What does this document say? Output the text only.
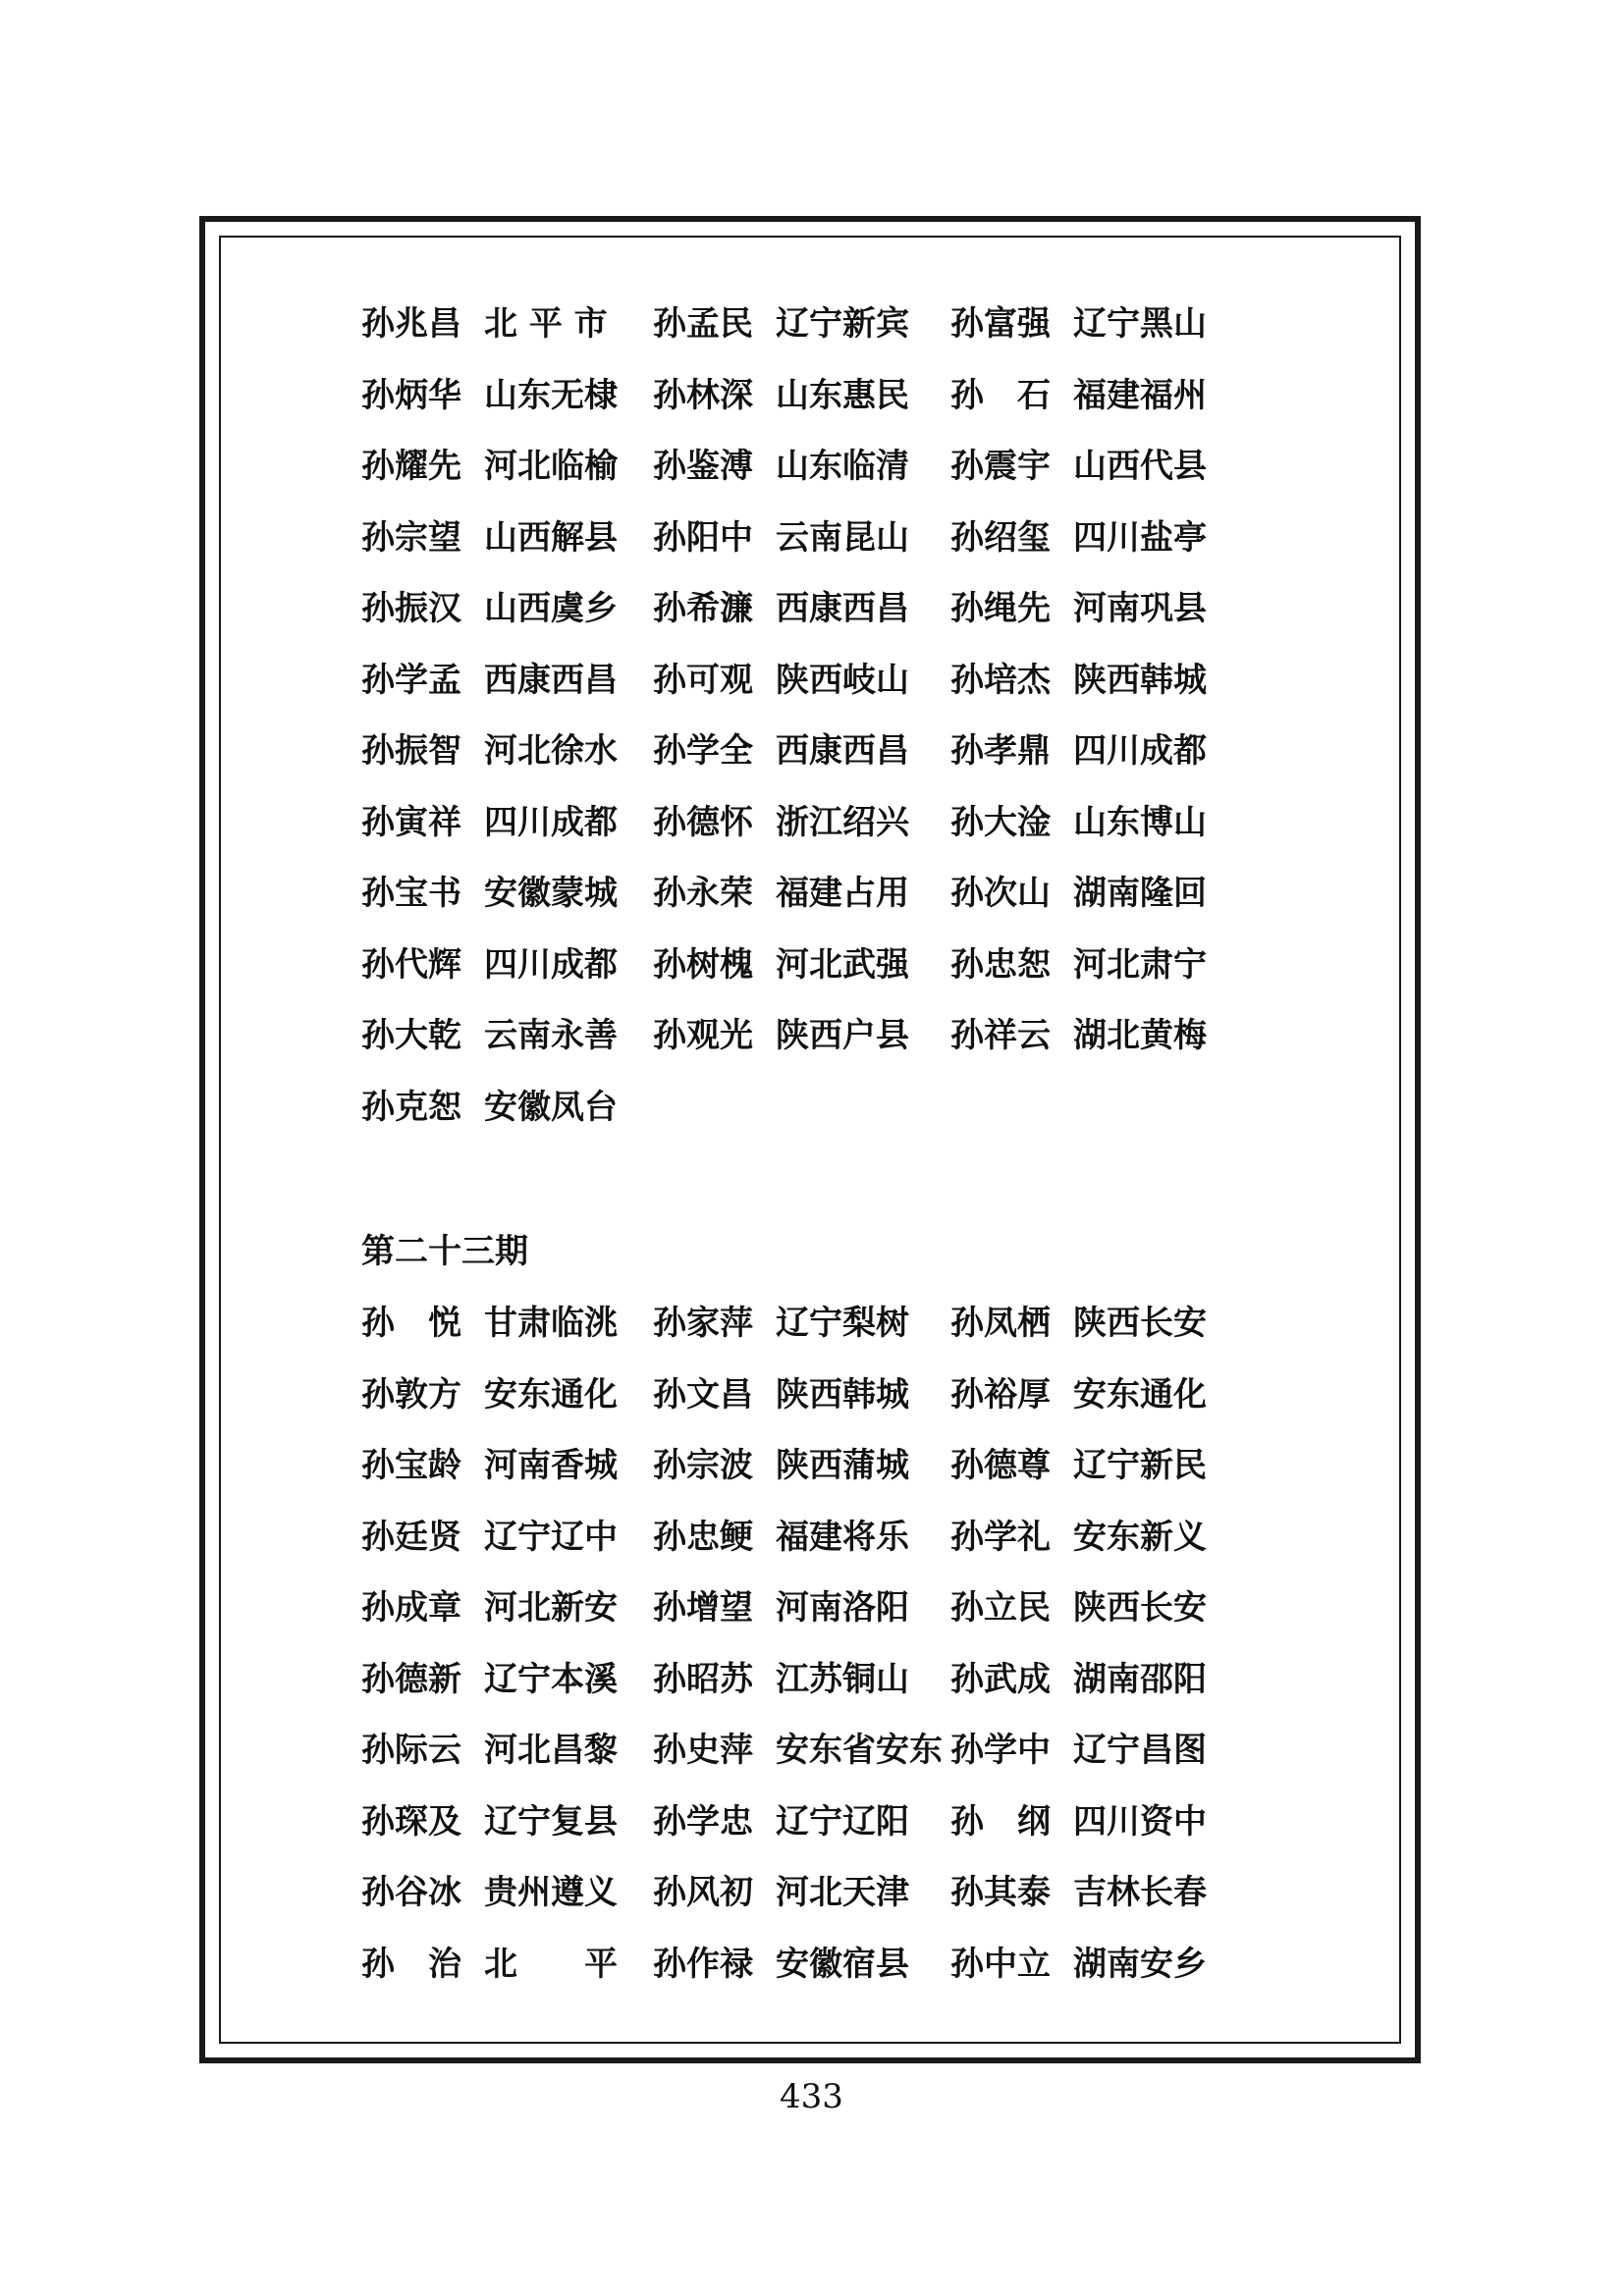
孙兆昌 北 平 市 孙孟民 辽宁新宾 孙富强 辽宁黑山
孙炳华 山东无棣 孙林深 山东惠民 孙　石 福建福州
孙耀先 河北临榆 孙鉴溥 山东临清 孙震宇 山西代县
孙宗望 山西解县 孙阳中 云南昆山 孙绍玺 四川盐亭
孙振汉 山西虞乡 孙希濂 西康西昌 孙绳先 河南巩县
孙学孟 西康西昌 孙可观 陕西岐山 孙培杰 陕西韩城
孙振智 河北徐水 孙学全 西康西昌 孙孝鼎 四川成都
孙寅祥 四川成都 孙德怀 浙江绍兴 孙大淦 山东博山
孙宝书 安徽蒙城 孙永荣 福建占用 孙次山 湖南隆回
孙代辉 四川成都 孙树槐 河北武强 孙忠恕 河北肃宁
孙大乾 云南永善 孙观光 陕西户县 孙祥云 湖北黄梅
孙克恕 安徽凤台
第二十三期
孙　悦 甘肃临洮 孙家萍 辽宁梨树 孙凤栖 陕西长安
孙敦方 安东通化 孙文昌 陕西韩城 孙裕厚 安东通化
孙宝龄 河南香城 孙宗波 陕西蒲城 孙德尊 辽宁新民
孙廷贤 辽宁辽中 孙忠鲠 福建将乐 孙学礼 安东新义
孙成章 河北新安 孙增望 河南洛阳 孙立民 陕西长安
孙德新 辽宁本溪 孙昭苏 江苏铜山 孙武成 湖南邵阳
孙际云 河北昌黎 孙史萍 安东省安东 孙学中 辽宁昌图
孙琛及 辽宁复县 孙学忠 辽宁辽阳 孙　纲 四川资中
孙谷冰 贵州遵义 孙风初 河北天津 孙其泰 吉林长春
孙　治 北　　平 孙作禄 安徽宿县 孙中立 湖南安乡
433
